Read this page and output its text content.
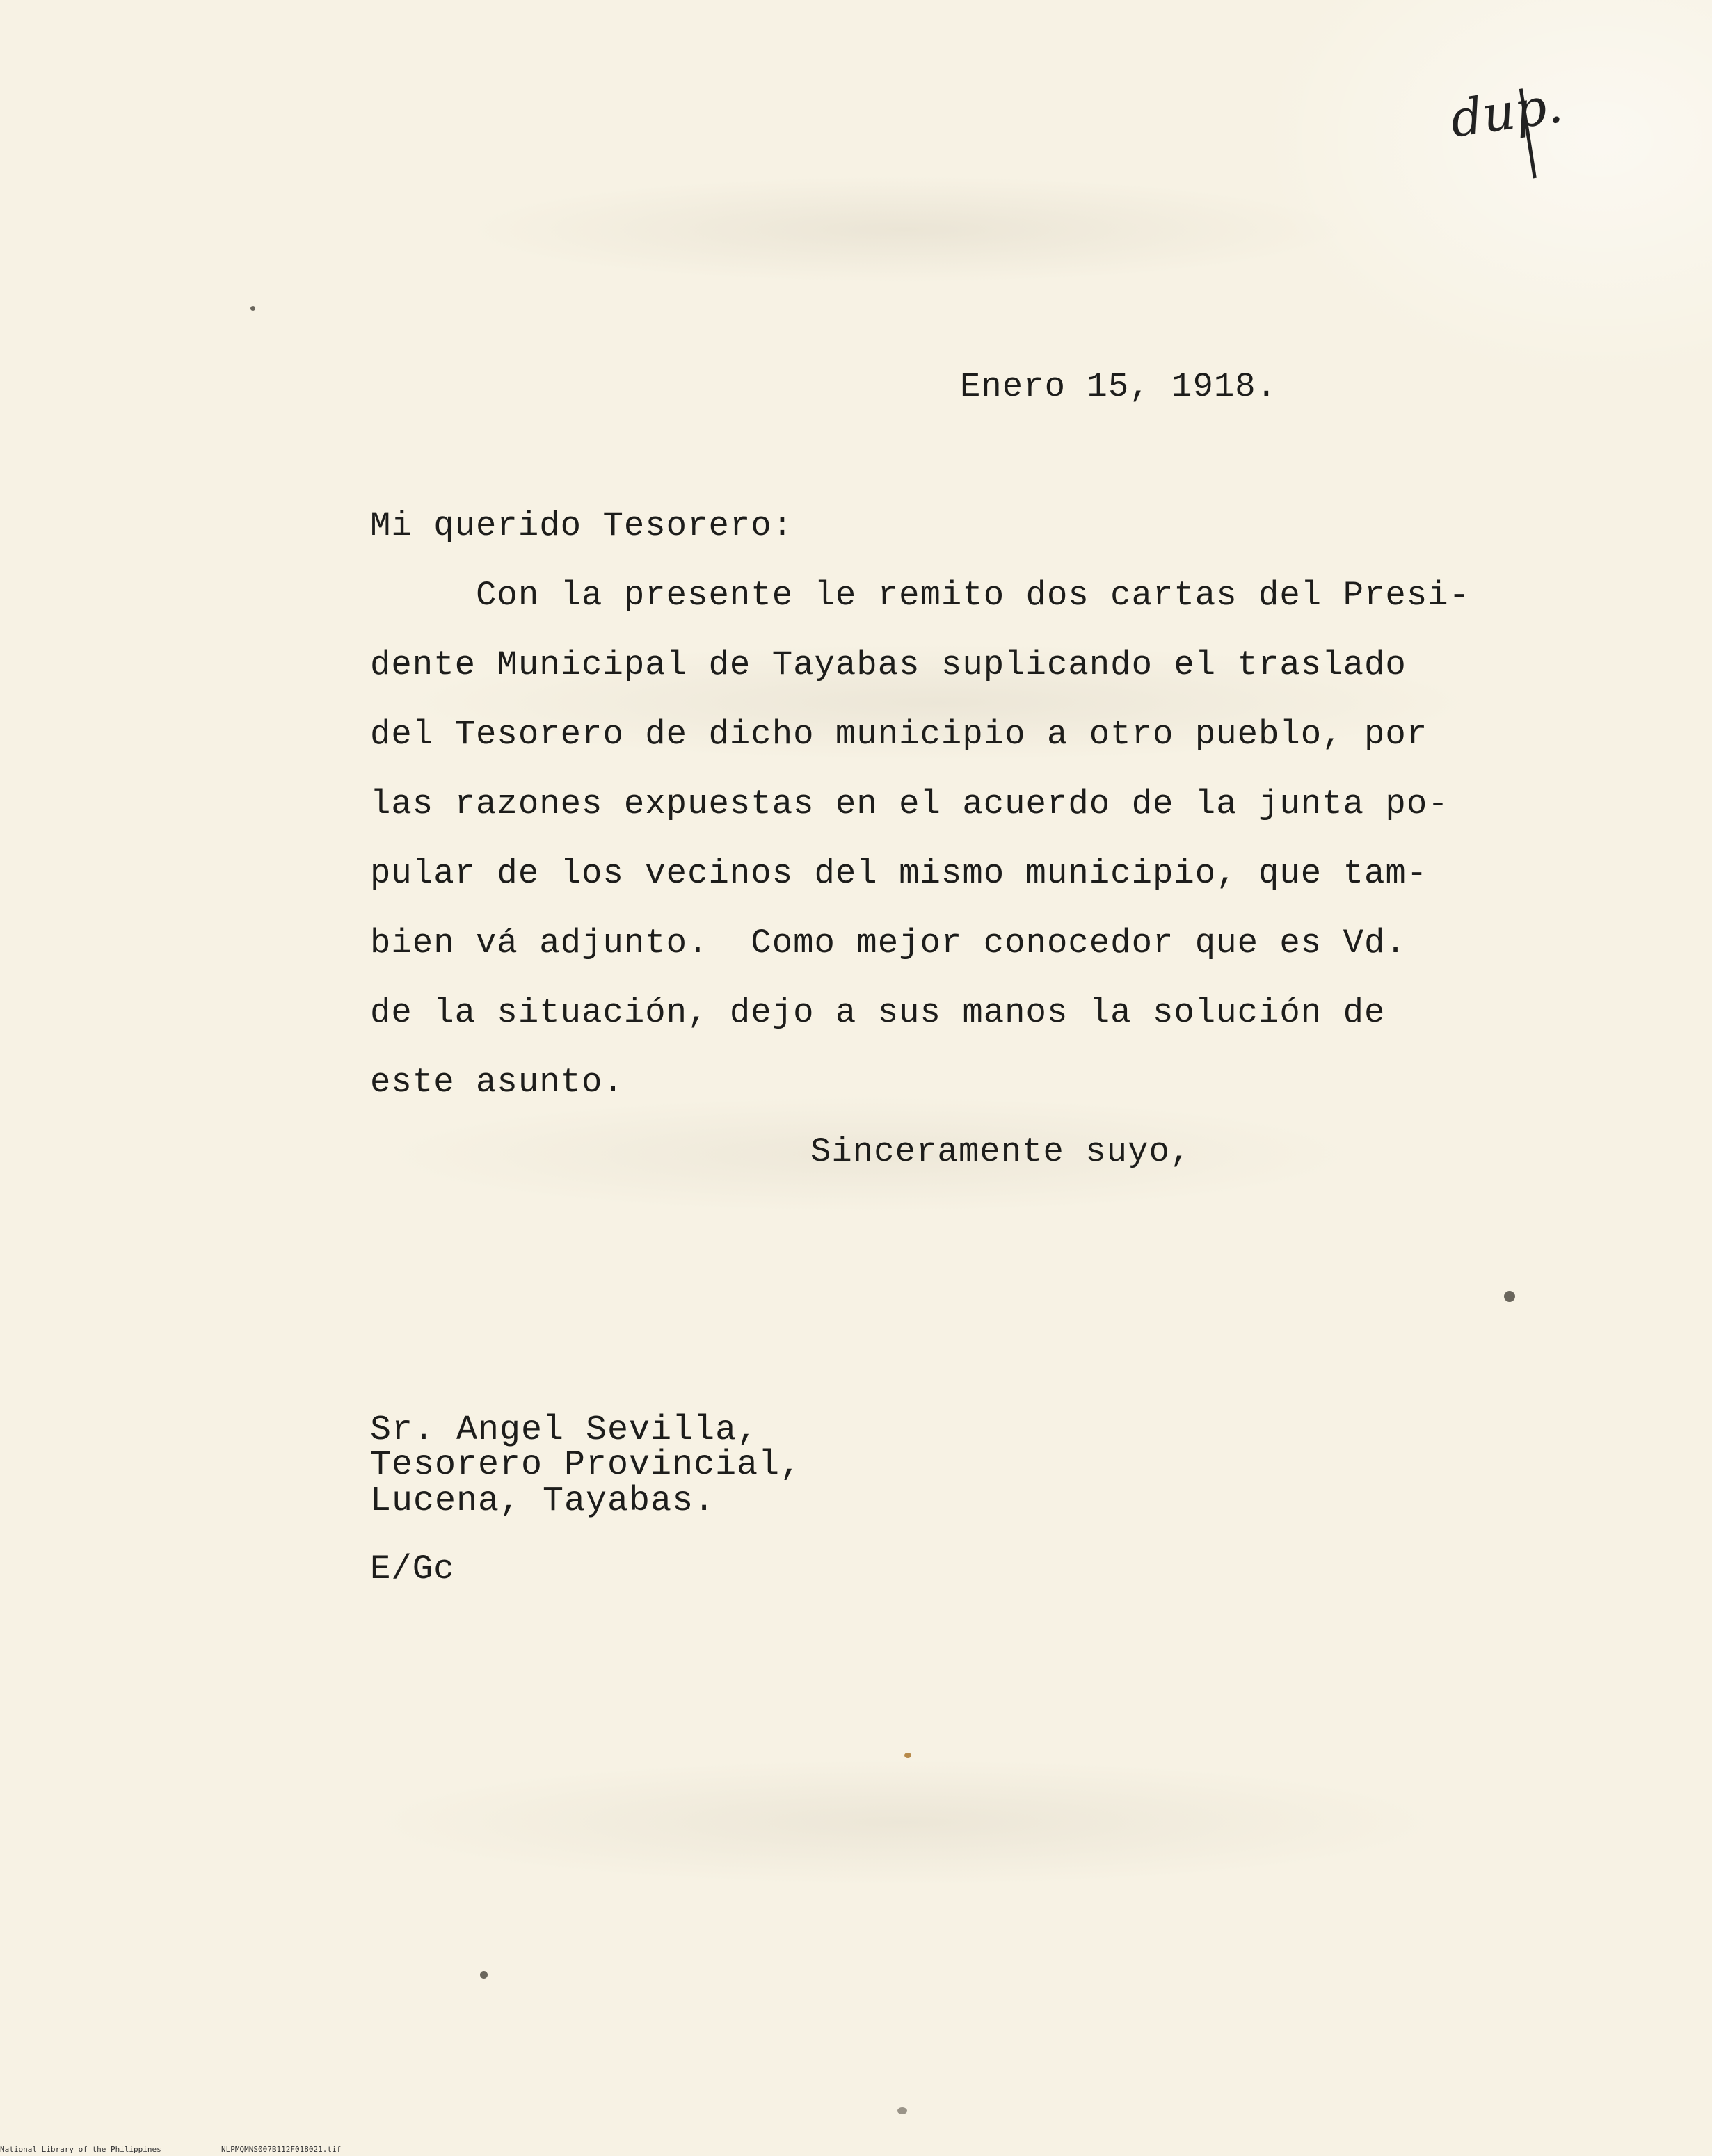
dup.
Enero 15, 1918.
Mi querido Tesorero:
Con la presente le remito dos cartas del Presi-
dente Municipal de Tayabas suplicando el traslado
del Tesorero de dicho municipio a otro pueblo, por
las razones expuestas en el acuerdo de la junta po-
pular de los vecinos del mismo municipio, que tam-
bien vá adjunto.  Como mejor conocedor que es Vd.
de la situación, dejo a sus manos la solución de
este asunto.
Sinceramente suyo,
Sr. Angel Sevilla,
Tesorero Provincial,
Lucena, Tayabas.
E/Gc
National Library of the Philippines	NLPMQMNS007B112F018021.tif
